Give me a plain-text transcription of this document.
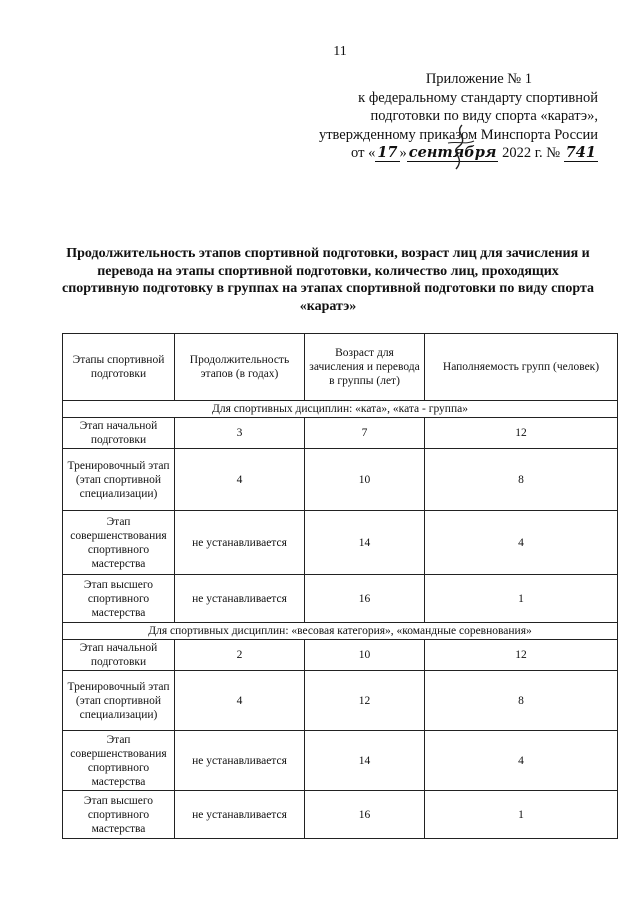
11
Приложение № 1
к федеральному стандарту спортивной
подготовки по виду спорта «каратэ»,
утвержденному приказом Минспорта России
от « 17 » сентября 2022 г. № 741
Продолжительность этапов спортивной подготовки, возраст лиц для зачисления и перевода на этапы спортивной подготовки, количество лиц, проходящих спортивную подготовку в группах на этапах спортивной подготовки по виду спорта «каратэ»
Этапы спортивной подготовки	Продолжительность этапов (в годах)	Возраст для зачисления и перевода в группы (лет)	Наполняемость групп (человек)
Для спортивных дисциплин: «ката», «ката - группа»			
Этап начальной подготовки	3	7	12
Тренировочный этап (этап спортивной специализации)	4	10	8
Этап совершенствования спортивного мастерства	не устанавливается	14	4
Этап высшего спортивного мастерства	не устанавливается	16	1
Для спортивных дисциплин: «весовая категория», «командные соревнования»			
Этап начальной подготовки	2	10	12
Тренировочный этап (этап спортивной специализации)	4	12	8
Этап совершенствования спортивного мастерства	не устанавливается	14	4
Этап высшего спортивного мастерства	не устанавливается	16	1
